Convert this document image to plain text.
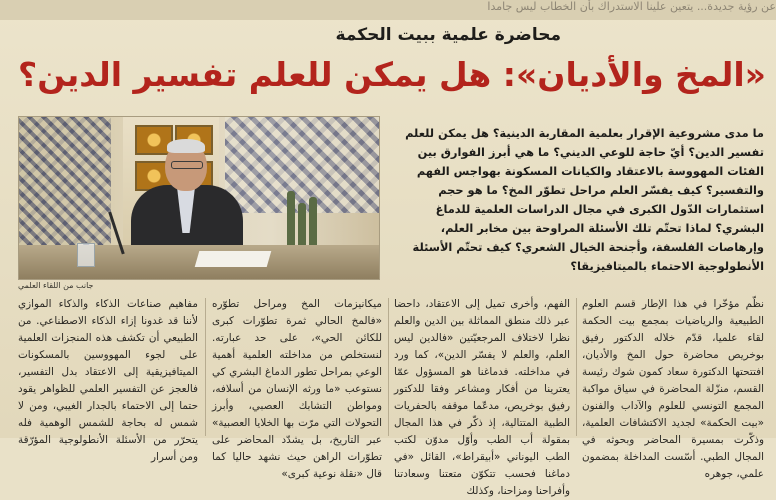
عن رؤية جديدة... يتعين علينا الاستدراك بأن الخطاب ليس جامدا
محاضرة علمية ببيت الحكمة
«المخ والأديان»: هل يمكن للعلم تفسير الدين؟
جانب من اللقاء العلمي
ما مدى مشروعية الإقرار بعلمية المقاربة الدينية؟ هل يمكن للعلم تفسير الدين؟ أيّ حاجة للوعي الديني؟ ما هي أبرز الفوارق بين الفئات المهووسة بالاعتقاد والكيانات المسكونة بهواجس الفهم والتفسير؟ كيف يفسّر العلم مراحل تطوّر المخ؟ ما هو حجم استثمارات الدّول الكبرى في مجال الدراسات العلمية للدماغ البشري؟ لماذا تحتّم تلك الأسئلة المراوحة بين مخابر العلم، وإرهاصات الفلسفة، وأجنحة الخيال الشعري؟ كيف تحتّم الأسئلة الأنطولوجية الاحتماء بالميتافيزيقا؟
مفاهيم صناعات الذكاء والذكاء الموازي لأننا قد غدونا إزاء الذكاء الاصطناعي. من الطبيعي أن تكشف هذه المنجزات العلمية على لجوء المهووسين بالمسكونات الميتافيزيقية إلى الاعتقاد بدل التفسير، فالعجز عن التفسير العلمي للظواهر يقود حتما إلى الاحتماء بالجدار الغيبي، ومن لا شمس له بحاجة للشمس الوهمية فله يتحرّر من الأسئلة الأنطولوجية المؤرّقة ومن أسرار
ميكانيزمات المخ ومراحل تطوّره «فالمخ الحالي ثمرة تطوّرات كبرى للكائن الحي»، على حد عبارته. لنستخلص من مداخلته العلمية أهمية الوعي بمراحل تطور الدماغ البشري كي نستوعب «ما ورثه الإنسان من أسلافه، ومواطن التشابك العصبي، وأبرز التحولات التي مرّت بها الخلايا العصبية» عبر التاريخ، بل يشدّد المحاضر على تطوّرات الراهن حيث نشهد حاليا كما قال «نقلة نوعية كبرى»
الفهم، وأخرى تميل إلى الاعتقاد، داحضا عبر ذلك منطق المماثلة بين الدين والعلم نظرا لاختلاف المرجعيّتين «فالدين ليس العلم، والعلم لا يفسّر الدين»، كما ورد في مداخلته. فدماغنا هو المسؤول عمّا يعترينا من أفكار ومشاعر وفقا للدكتور رفيق بوخريص، مدعّما موقفه بالحفريات الطبية المتتالية، إذ ذكّر في هذا المجال بمقولة أب الطب وأوّل مدوّن لكتب الطب اليوناني «أبيقراط»، القائل «في دماغنا فحسب تتكوّن متعتنا وسعادتنا وأفراحنا ومزاحنا، وكذلك
نظّم مؤخّرا في هذا الإطار قسم العلوم الطبيعية والرياضيات بمجمع بيت الحكمة لقاء علميا، قدّم خلاله الدكتور رفيق بوخريص محاضرة حول المخ والأديان، افتتحتها الدكتورة سعاد كمون شوك رئيسة القسم، منزّلة المحاضرة في سياق مواكبة المجمع التونسي للعلوم والآداب والفنون «بيت الحكمة» لجديد الاكتشافات العلمية، وذكّرت بمسيرة المحاضر وبحوثه في المجال الطبي. أسّست المداخلة بمضمون علمي، جوهره
